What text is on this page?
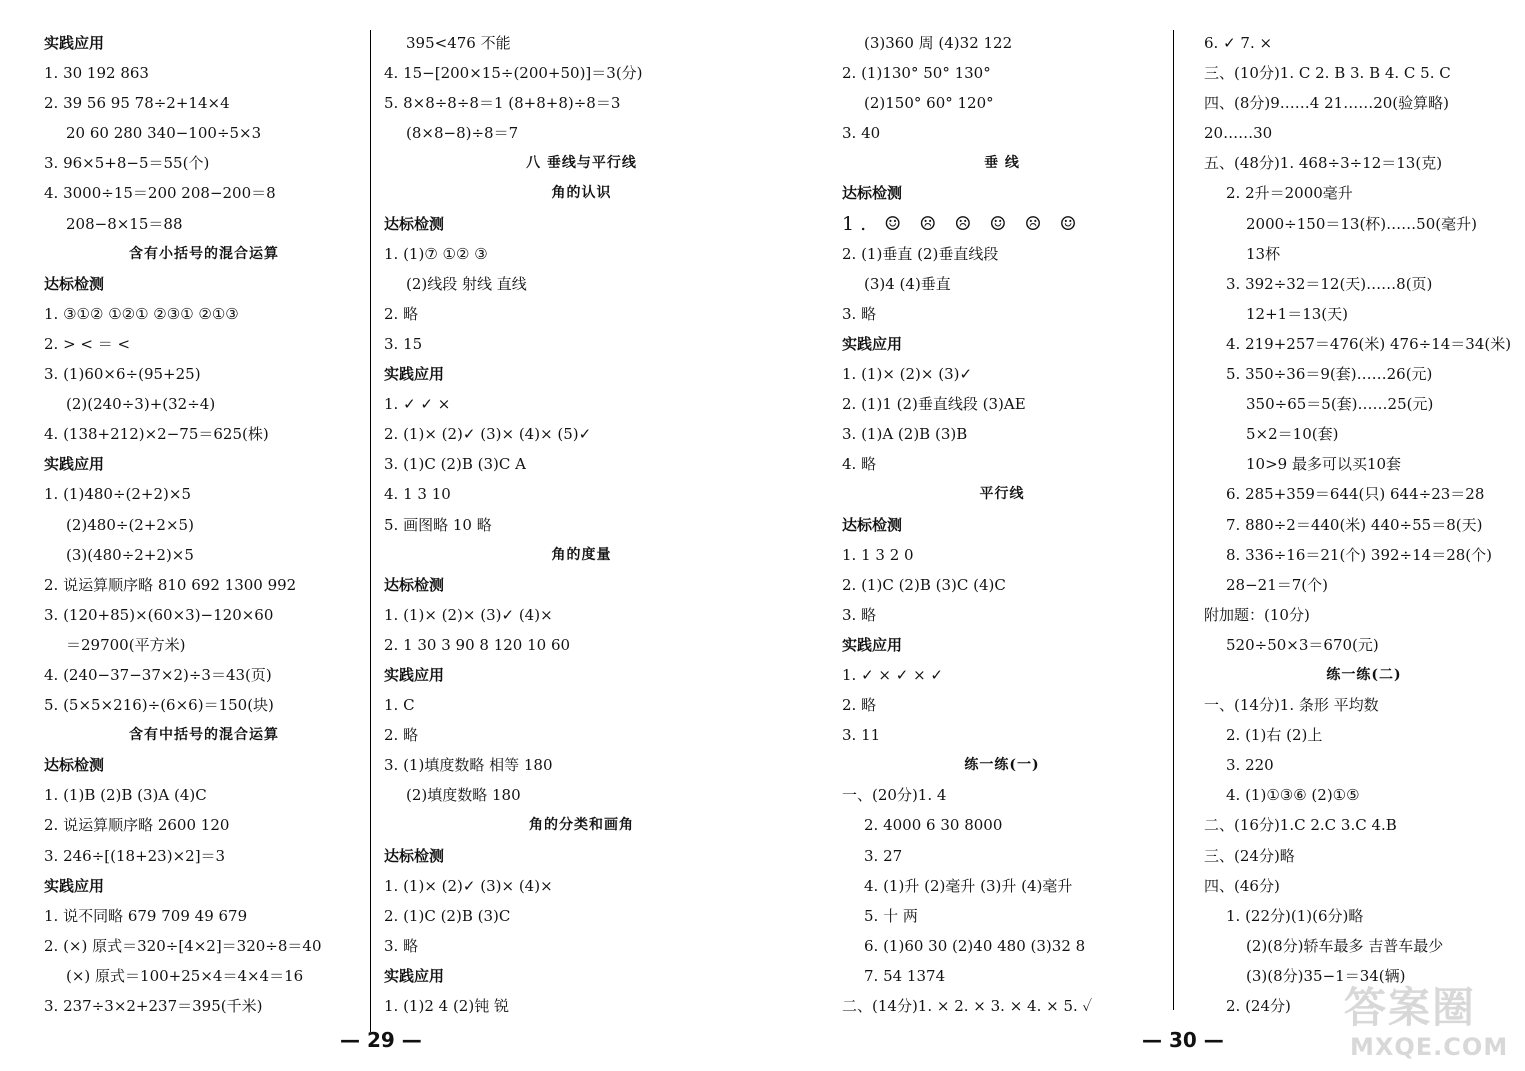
实践应用
1. 30 192 863
2. 39 56 95 78÷2+14×4
20 60 280 340−100÷5×3
3. 96×5+8−5＝55(个)
4. 3000÷15＝200 208−200＝8
208−8×15＝88
含有小括号的混合运算
达标检测
1. ③①② ①②① ②③① ②①③
2. > < ＝ <
3. (1)60×6÷(95+25)
(2)(240÷3)+(32÷4)
4. (138+212)×2−75＝625(株)
实践应用
1. (1)480÷(2+2)×5
(2)480÷(2+2×5)
(3)(480÷2+2)×5
2. 说运算顺序略 810 692 1300 992
3. (120+85)×(60×3)−120×60
＝29700(平方米)
4. (240−37−37×2)÷3＝43(页)
5. (5×5×216)÷(6×6)＝150(块)
含有中括号的混合运算
达标检测
1. (1)B (2)B (3)A (4)C
2. 说运算顺序略 2600 120
3. 246÷[(18+23)×2]＝3
实践应用
1. 说不同略 679 709 49 679
2. (×) 原式＝320÷[4×2]＝320÷8＝40
(×) 原式＝100+25×4＝4×4＝16
3. 237÷3×2+237＝395(千米)
395<476 不能
4. 15−[200×15÷(200+50)]＝3(分)
5. 8×8÷8÷8＝1 (8+8+8)÷8＝3
(8×8−8)÷8＝7
八 垂线与平行线
角的认识
达标检测
1. (1)⑦ ①② ③
(2)线段 射线 直线
2. 略
3. 15
实践应用
1. ✓ ✓ ×
2. (1)× (2)✓ (3)× (4)× (5)✓
3. (1)C (2)B (3)C A
4. 1 3 10
5. 画图略 10 略
角的度量
达标检测
1. (1)× (2)× (3)✓ (4)×
2. 1 30 3 90 8 120 10 60
实践应用
1. C
2. 略
3. (1)填度数略 相等 180
(2)填度数略 180
角的分类和画角
达标检测
1. (1)× (2)✓ (3)× (4)×
2. (1)C (2)B (3)C
3. 略
实践应用
1. (1)2 4 (2)钝 锐
(3)360 周 (4)32 122
2. (1)130° 50° 130°
(2)150° 60° 120°
3. 40
垂 线
达标检测
1. ☺ ☹ ☹ ☺ ☹ ☺
2. (1)垂直 (2)垂直线段
(3)4 (4)垂直
3. 略
实践应用
1. (1)× (2)× (3)✓
2. (1)1 (2)垂直线段 (3)AE
3. (1)A (2)B (3)B
4. 略
平行线
达标检测
1. 1 3 2 0
2. (1)C (2)B (3)C (4)C
3. 略
实践应用
1. ✓ × ✓ × ✓
2. 略
3. 11
练一练(一)
一、(20分)1. 4
2. 4000 6 30 8000
3. 27
4. (1)升 (2)毫升 (3)升 (4)毫升
5. 十 两
6. (1)60 30 (2)40 480 (3)32 8
7. 54 1374
二、(14分)1. × 2. × 3. × 4. × 5. ✓
6. ✓ 7. ×
三、(10分)1. C 2. B 3. B 4. C 5. C
四、(8分)9……4 21……20(验算略)
20……30
五、(48分)1. 468÷3÷12＝13(克)
2. 2升＝2000毫升
2000÷150＝13(杯)……50(毫升)
13杯
3. 392÷32＝12(天)……8(页)
12+1＝13(天)
4. 219+257＝476(米) 476÷14＝34(米)
5. 350÷36＝9(套)……26(元)
350÷65＝5(套)……25(元)
5×2＝10(套)
10>9 最多可以买10套
6. 285+359＝644(只) 644÷23＝28
7. 880÷2＝440(米) 440÷55＝8(天)
8. 336÷16＝21(个) 392÷14＝28(个)
28−21＝7(个)
附加题：(10分)
520÷50×3＝670(元)
练一练(二)
一、(14分)1. 条形 平均数
2. (1)右 (2)上
3. 220
4. (1)①③⑥ (2)①⑤
二、(16分)1.C 2.C 3.C 4.B
三、(24分)略
四、(46分)
1. (22分)(1)(6分)略
(2)(8分)轿车最多 吉普车最少
(3)(8分)35−1＝34(辆)
2. (24分)
— 29 —	— 30 —
答案圈
MXQE.COM
